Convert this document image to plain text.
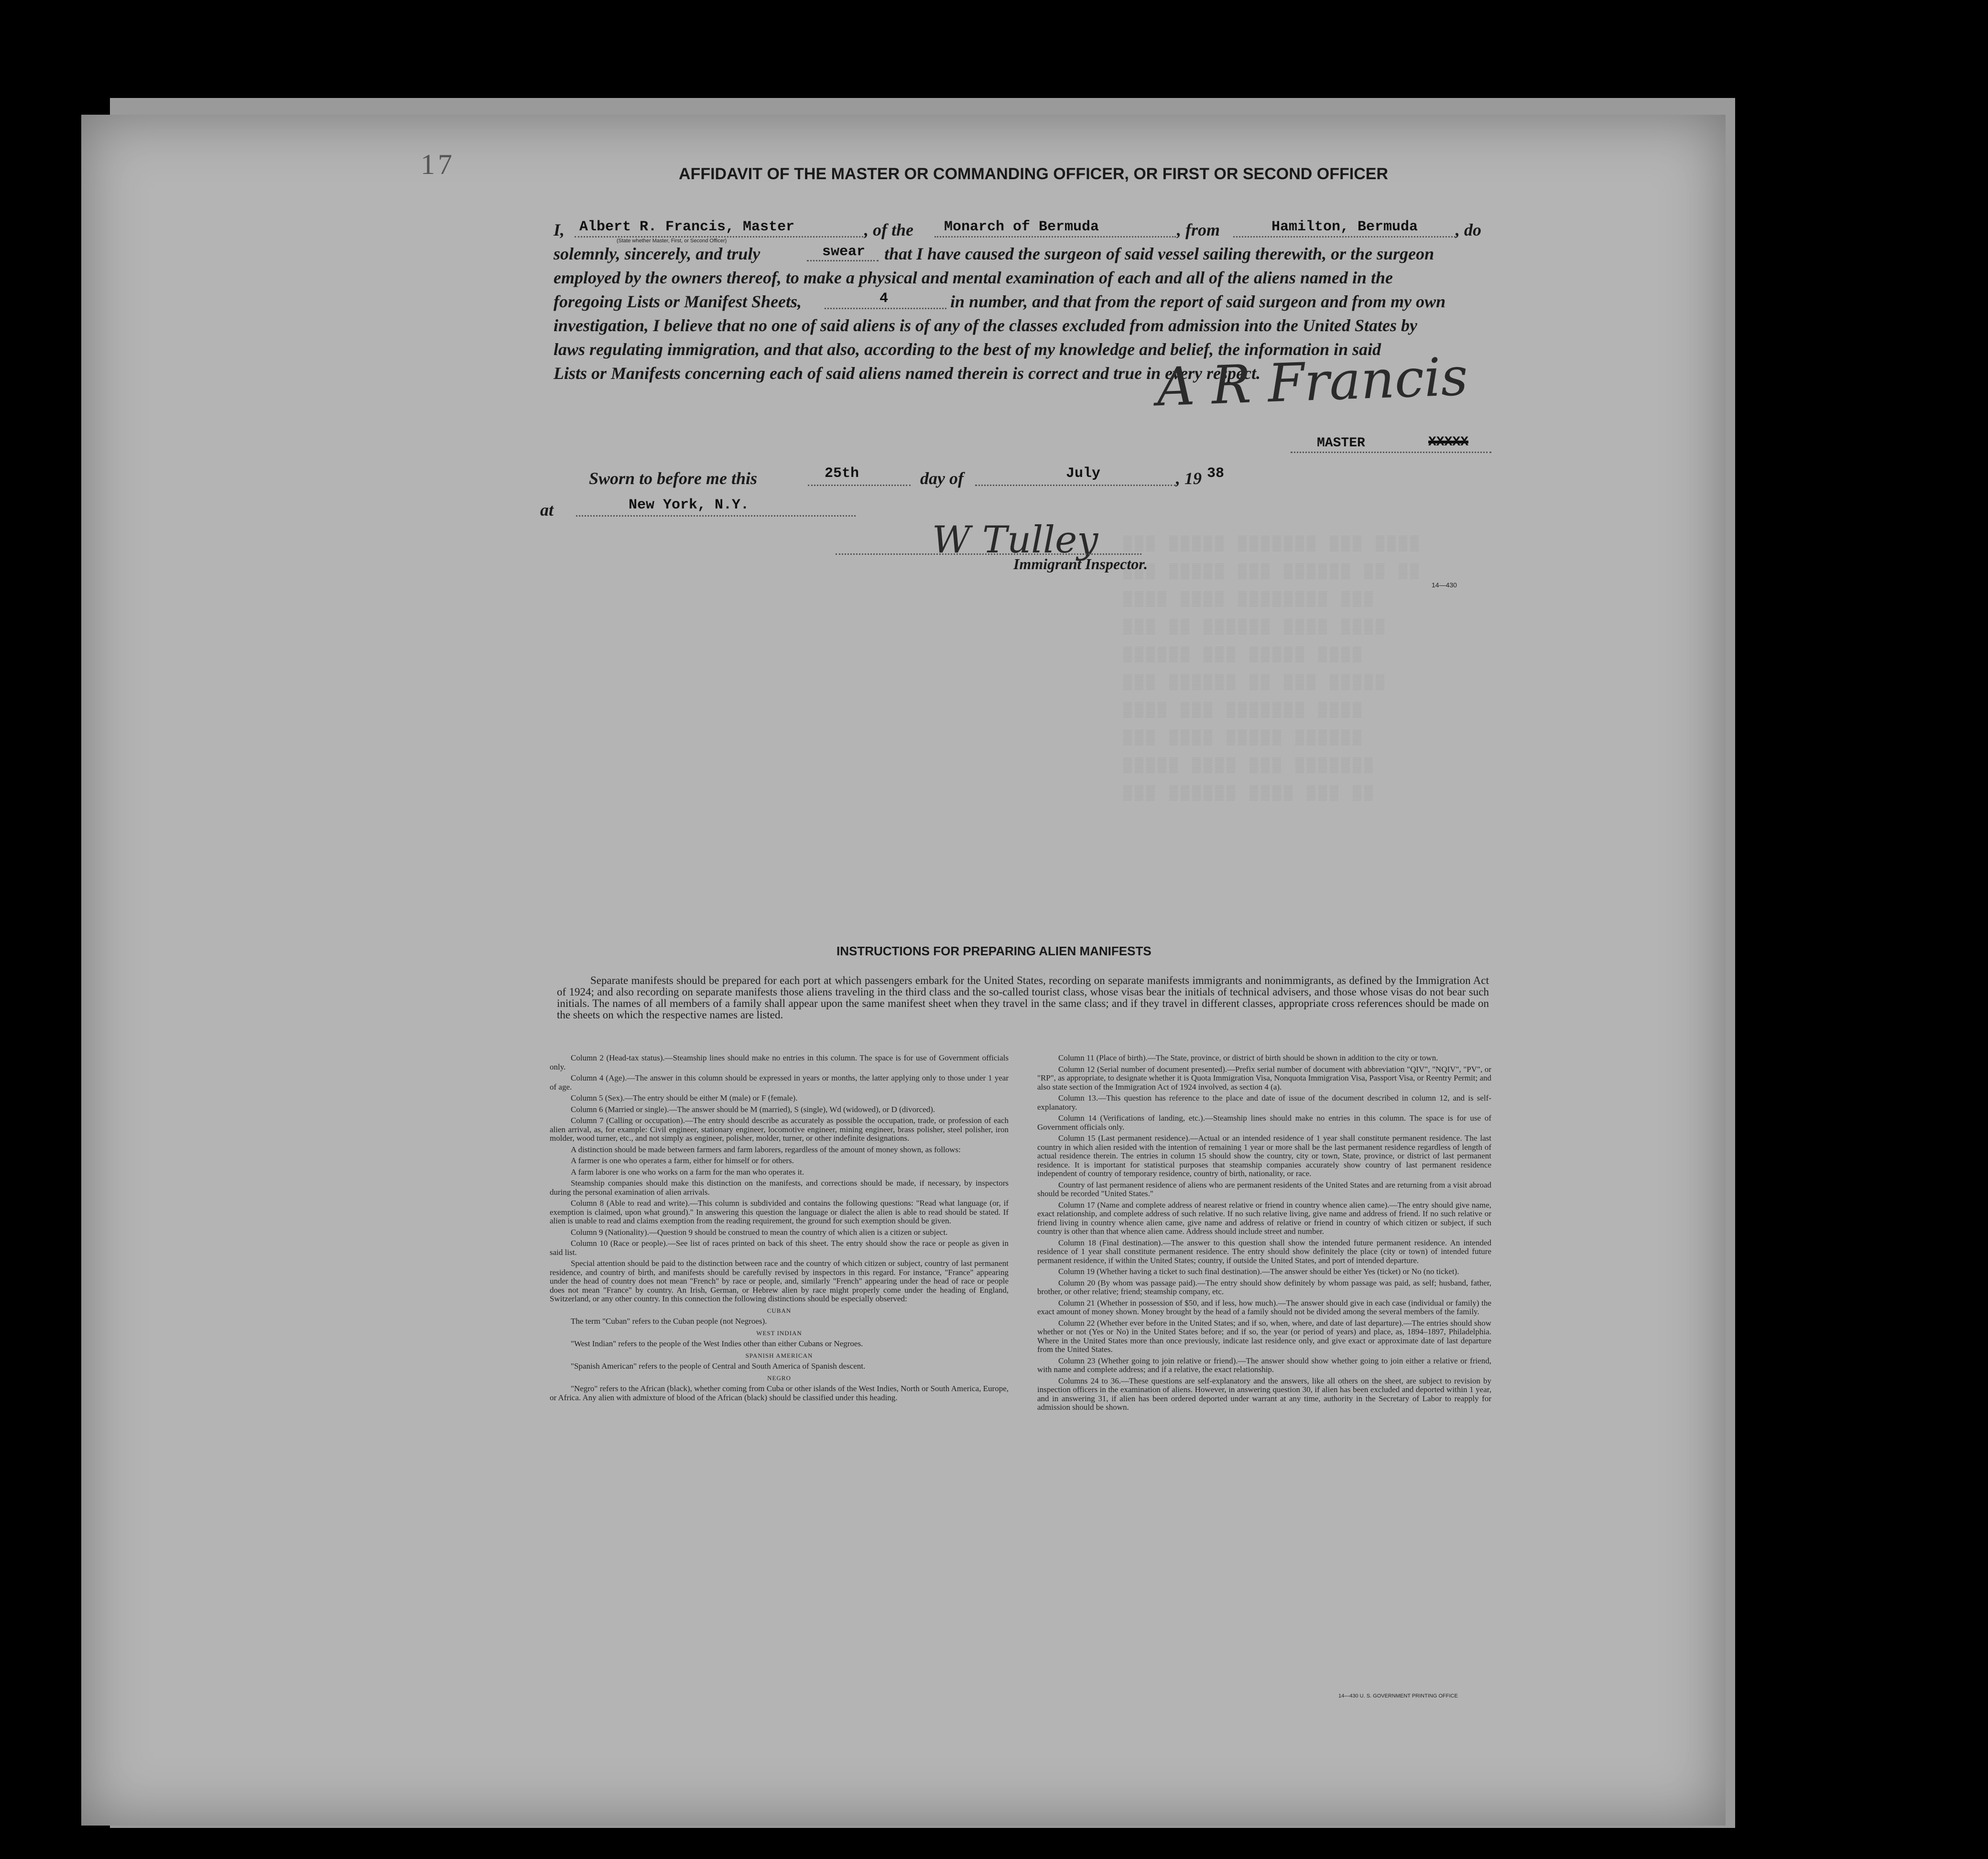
▒▒▒ ▒▒▒▒▒ ▒▒▒▒▒▒▒ ▒▒▒ ▒▒▒▒
▒▒▒ ▒▒▒▒▒ ▒▒▒ ▒▒▒▒▒▒ ▒▒ ▒▒
▒▒▒▒ ▒▒▒▒ ▒▒▒▒▒▒▒▒ ▒▒▒
▒▒▒ ▒▒ ▒▒▒▒▒▒ ▒▒▒▒ ▒▒▒▒
▒▒▒▒▒▒ ▒▒▒ ▒▒▒▒▒ ▒▒▒▒
▒▒▒ ▒▒▒▒▒▒ ▒▒ ▒▒▒ ▒▒▒▒▒
▒▒▒▒ ▒▒▒ ▒▒▒▒▒▒▒ ▒▒▒▒
▒▒▒ ▒▒▒▒ ▒▒▒▒▒ ▒▒▒▒▒▒
▒▒▒▒▒ ▒▒▒▒ ▒▒▒ ▒▒▒▒▒▒▒
▒▒▒ ▒▒▒▒▒▒ ▒▒▒▒ ▒▒▒ ▒▒
17	AFFIDAVIT OF THE MASTER OR COMMANDING OFFICER, OR FIRST OR SECOND OFFICER
I, Albert R. Francis, Master
(State whether Master, First, or Second Officer)
, of the Monarch of Bermuda	, from	Hamilton, Bermuda , do
solemnly, sincerely, and truly	swear that I have caused the surgeon of said vessel sailing therewith, or the surgeon
employed by the owners thereof, to make a physical and mental examination of each and all of the aliens named in the
foregoing Lists or Manifest Sheets,	4	in number, and that from the report of said surgeon and from my own
investigation, I believe that no one of said aliens is of any of the classes excluded from admission into the United States by
laws regulating immigration, and that also, according to the best of my knowledge and belief, the information in said
Lists or Manifests concerning each of said aliens named therein is correct and true in every respect.
A R Francis
MASTER	XXXXX
Sworn to before me this	25th	day of	July	, 19 38
at	New York, N.Y.
W Tulley
Immigrant Inspector.
14—430
INSTRUCTIONS FOR PREPARING ALIEN MANIFESTS
Separate manifests should be prepared for each port at which passengers embark for the United States, recording on separate manifests immigrants and nonimmigrants, as defined by the Immigration Act of 1924; and also recording on separate manifests those aliens traveling in the third class and the so-called tourist class, whose visas bear the initials of technical advisers, and those whose visas do not bear such initials. The names of all members of a family shall appear upon the same manifest sheet when they travel in the same class; and if they travel in different classes, appropriate cross references should be made on the sheets on which the respective names are listed.

Column 2 (Head-tax status).—Steamship lines should make no entries in this column. The space is for use of Government officials only.

Column 4 (Age).—The answer in this column should be expressed in years or months, the latter applying only to those under 1 year of age.

Column 5 (Sex).—The entry should be either M (male) or F (female).

Column 6 (Married or single).—The answer should be M (married), S (single), Wd (widowed), or D (divorced).

Column 7 (Calling or occupation).—The entry should describe as accurately as possible the occupation, trade, or profession of each alien arrival, as, for example: Civil engineer, stationary engineer, locomotive engineer, mining engineer, brass polisher, steel polisher, iron molder, wood turner, etc., and not simply as engineer, polisher, molder, turner, or other indefinite designations.

A distinction should be made between farmers and farm laborers, regardless of the amount of money shown, as follows:

A farmer is one who operates a farm, either for himself or for others.

A farm laborer is one who works on a farm for the man who operates it.

Steamship companies should make this distinction on the manifests, and corrections should be made, if necessary, by inspectors during the personal examination of alien arrivals.

Column 8 (Able to read and write).—This column is subdivided and contains the following questions: "Read what language (or, if exemption is claimed, upon what ground)." In answering this question the language or dialect the alien is able to read should be stated. If alien is unable to read and claims exemption from the reading requirement, the ground for such exemption should be given.

Column 9 (Nationality).—Question 9 should be construed to mean the country of which alien is a citizen or subject.

Column 10 (Race or people).—See list of races printed on back of this sheet. The entry should show the race or people as given in said list.

Special attention should be paid to the distinction between race and the country of which citizen or subject, country of last permanent residence, and country of birth, and manifests should be carefully revised by inspectors in this regard. For instance, "France" appearing under the head of country does not mean "French" by race or people, and, similarly "French" appearing under the head of race or people does not mean "France" by country. An Irish, German, or Hebrew alien by race might properly come under the heading of England, Switzerland, or any other country. In this connection the following distinctions should be especially observed:

CUBAN

The term "Cuban" refers to the Cuban people (not Negroes).

WEST INDIAN

"West Indian" refers to the people of the West Indies other than either Cubans or Negroes.

SPANISH AMERICAN

"Spanish American" refers to the people of Central and South America of Spanish descent.

NEGRO

"Negro" refers to the African (black), whether coming from Cuba or other islands of the West Indies, North or South America, Europe, or Africa. Any alien with admixture of blood of the African (black) should be classified under this heading.

Column 11 (Place of birth).—The State, province, or district of birth should be shown in addition to the city or town.

Column 12 (Serial number of document presented).—Prefix serial number of document with abbreviation "QIV", "NQIV", "PV", or "RP", as appropriate, to designate whether it is Quota Immigration Visa, Nonquota Immigration Visa, Passport Visa, or Reentry Permit; and also state section of the Immigration Act of 1924 involved, as section 4 (a).

Column 13.—This question has reference to the place and date of issue of the document described in column 12, and is self-explanatory.

Column 14 (Verifications of landing, etc.).—Steamship lines should make no entries in this column. The space is for use of Government officials only.

Column 15 (Last permanent residence).—Actual or an intended residence of 1 year shall constitute permanent residence. The last country in which alien resided with the intention of remaining 1 year or more shall be the last permanent residence regardless of length of actual residence therein. The entries in column 15 should show the country, city or town, State, province, or district of last permanent residence. It is important for statistical purposes that steamship companies accurately show country of last permanent residence independent of country of temporary residence, country of birth, nationality, or race.

Country of last permanent residence of aliens who are permanent residents of the United States and are returning from a visit abroad should be recorded "United States."

Column 17 (Name and complete address of nearest relative or friend in country whence alien came).—The entry should give name, exact relationship, and complete address of such relative. If no such relative living, give name and address of friend. If no such relative or friend living in country whence alien came, give name and address of relative or friend in country of which citizen or subject, if such country is other than that whence alien came. Address should include street and number.

Column 18 (Final destination).—The answer to this question shall show the intended future permanent residence. An intended residence of 1 year shall constitute permanent residence. The entry should show definitely the place (city or town) of intended future permanent residence, if within the United States; country, if outside the United States, and port of intended departure.

Column 19 (Whether having a ticket to such final destination).—The answer should be either Yes (ticket) or No (no ticket).

Column 20 (By whom was passage paid).—The entry should show definitely by whom passage was paid, as self; husband, father, brother, or other relative; friend; steamship company, etc.

Column 21 (Whether in possession of $50, and if less, how much).—The answer should give in each case (individual or family) the exact amount of money shown. Money brought by the head of a family should not be divided among the several members of the family.

Column 22 (Whether ever before in the United States; and if so, when, where, and date of last departure).—The entries should show whether or not (Yes or No) in the United States before; and if so, the year (or period of years) and place, as, 1894–1897, Philadelphia. Where in the United States more than once previously, indicate last residence only, and give exact or approximate date of last departure from the United States.

Column 23 (Whether going to join relative or friend).—The answer should show whether going to join either a relative or friend, with name and complete address; and if a relative, the exact relationship.

Columns 24 to 36.—These questions are self-explanatory and the answers, like all others on the sheet, are subject to revision by inspection officers in the examination of aliens. However, in answering question 30, if alien has been excluded and deported within 1 year, and in answering 31, if alien has been ordered deported under warrant at any time, authority in the Secretary of Labor to reapply for admission should be shown.

14—430 U. S. GOVERNMENT PRINTING OFFICE
